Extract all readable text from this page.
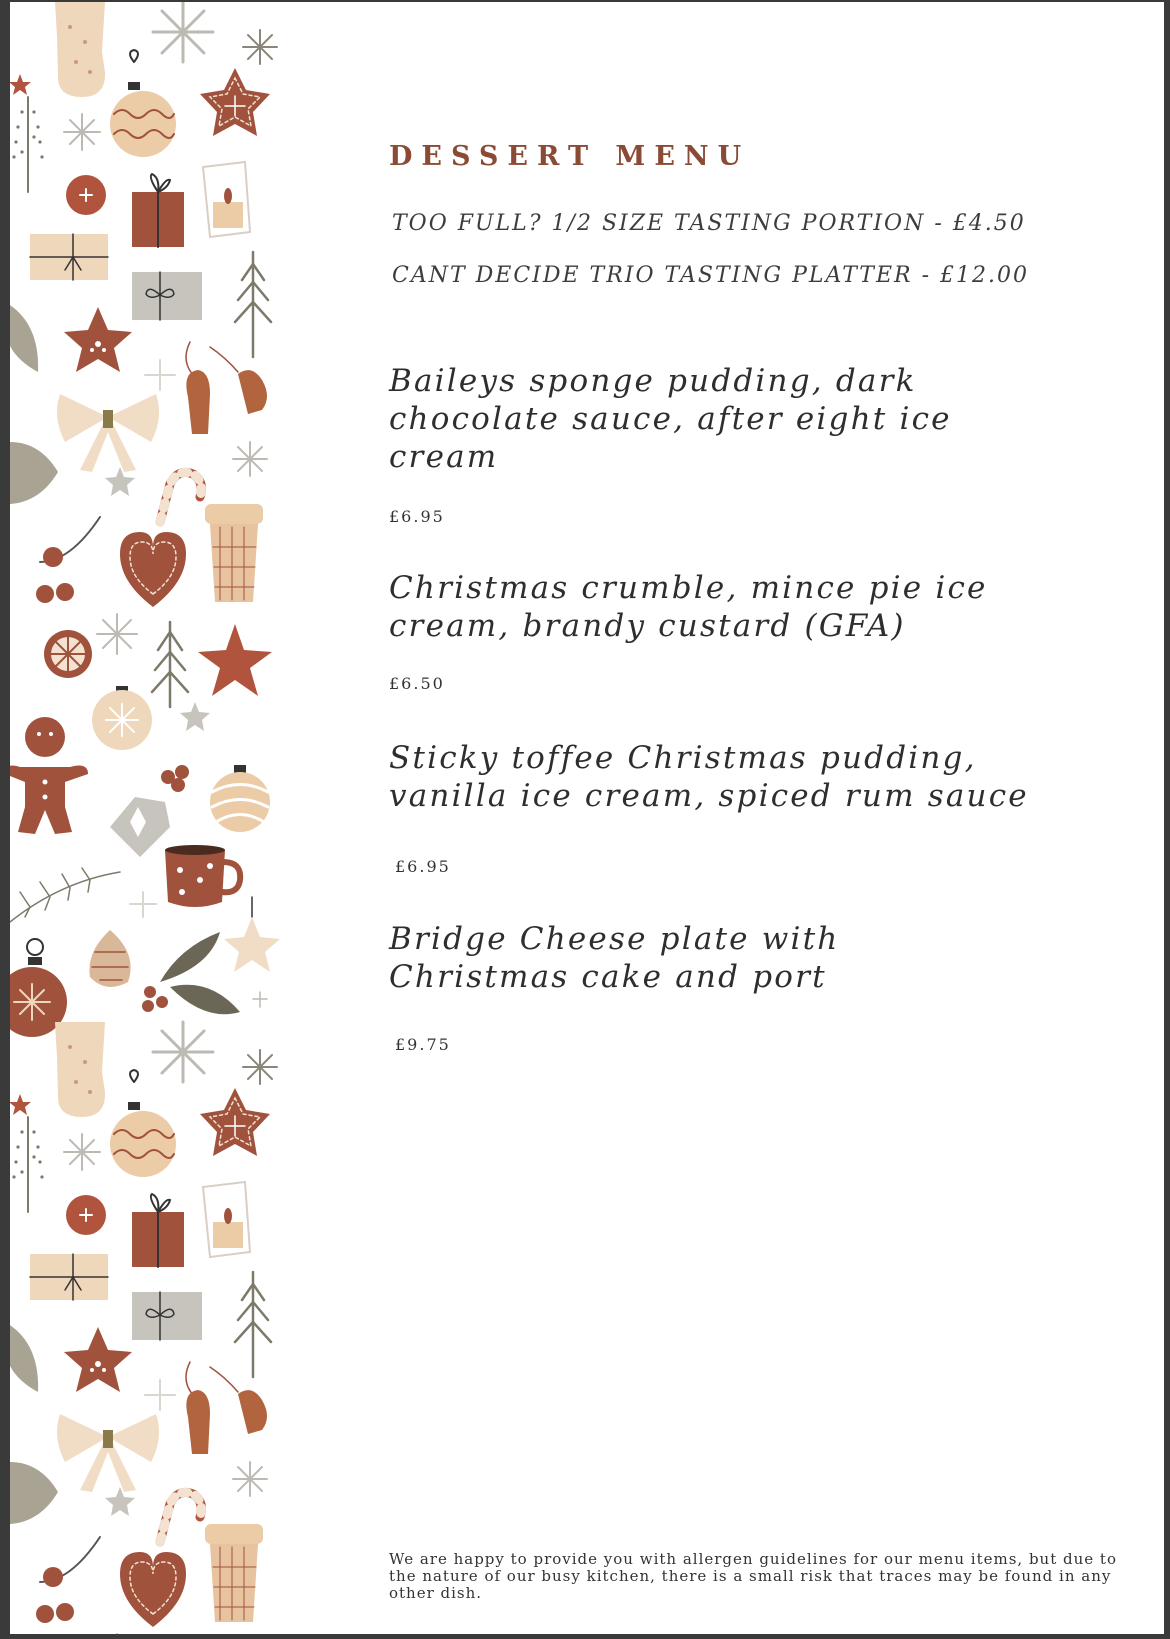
DESSERT MENU
TOO FULL? 1/2 SIZE TASTING PORTION - £4.50
CANT DECIDE TRIO TASTING PLATTER - £12.00
Baileys sponge pudding, dark chocolate sauce, after eight ice cream
£6.95
Christmas crumble, mince pie ice cream, brandy custard (GFA)
£6.50
Sticky toffee Christmas pudding, vanilla ice cream, spiced rum sauce
£6.95
Bridge Cheese plate with Christmas cake and port
£9.75
We are happy to provide you with allergen guidelines for our menu items, but due to the nature of our busy kitchen, there is a small risk that traces may be found in any other dish.
